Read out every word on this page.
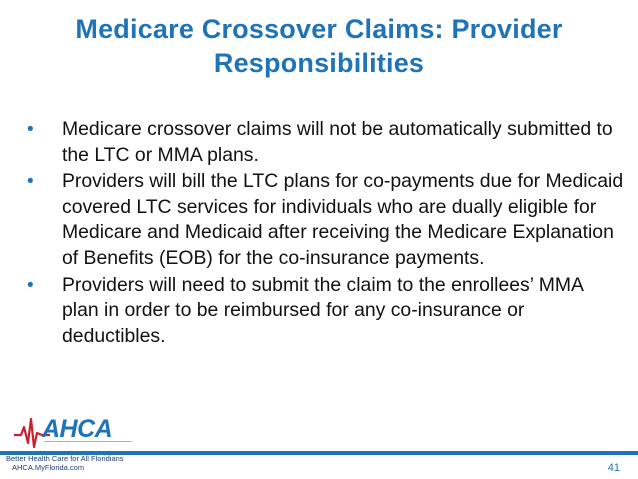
Medicare Crossover Claims: Provider
Responsibilities
• Medicare crossover claims will not be automatically submitted to the LTC or MMA plans.
• Providers will bill the LTC plans for co-payments due for Medicaid covered LTC services for individuals who are dually eligible for Medicare and Medicaid after receiving the Medicare Explanation of Benefits (EOB) for the co-insurance payments.
• Providers will need to submit the claim to the enrollees’ MMA plan in order to be reimbursed for any co-insurance or deductibles.
AHCA
Better Health Care for All Floridians
AHCA.MyFlorida.com	41
